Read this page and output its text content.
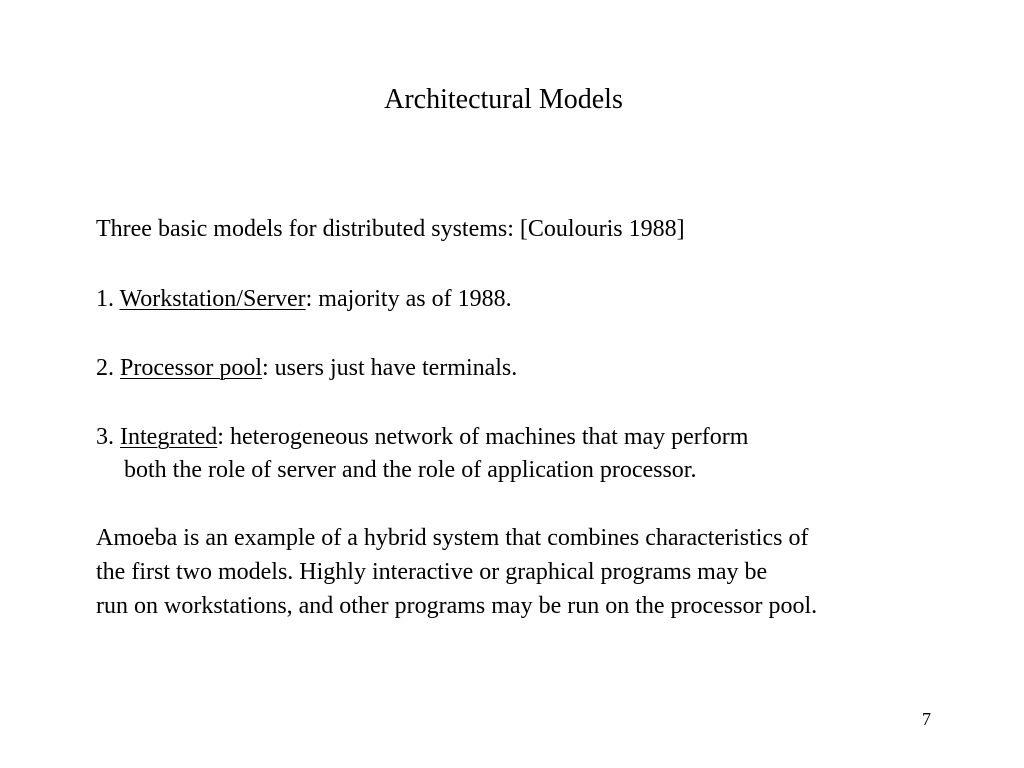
Architectural Models
Three basic models for distributed systems: [Coulouris 1988]
1. Workstation/Server: majority as of 1988.
2. Processor pool: users just have terminals.
3. Integrated: heterogeneous network of machines that may perform
both the role of server and the role of application processor.
Amoeba is an example of a hybrid system that combines characteristics of
the first two models. Highly interactive or graphical programs may be
run on workstations, and other programs may be run on the processor pool.
7
